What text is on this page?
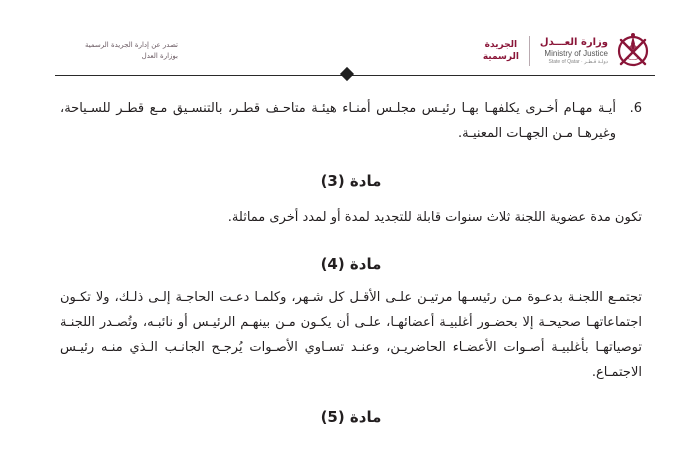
تصدر عن إدارة الجريدة الرسمية
بوزارة العدل
الجريدة
الرسمية
وزارة العـــدل
Ministry of Justice
State of Qatar · دولـة قـطـر
6.
أيـة مهـام أخـرى يكلفهـا بهـا رئيـس مجلـس أمنـاء هيئـة متاحـف قطـر، بالتنسـيق مـع قطـر للسـياحة، وغيرهـا مـن الجهـات المعنيـة.

مادة (3)

تكون مدة عضوية اللجنة ثلاث سنوات قابلة للتجديد لمدة أو لمدد أخرى مماثلة.

مادة (4)

تجتمـع اللجنـة بدعـوة مـن رئيسـها مرتيـن علـى الأقـل كل شـهر، وكلمـا دعـت الحاجـة إلـى ذلـك، ولا تكـون اجتماعاتهـا صحيحـة إلا بحضـور أغلبيـة أعضائهـا، علـى أن يكـون مـن بينهـم الرئيـس أو نائبـه، وتُصـدر اللجنـة توصياتهـا بأغلبيـة أصـوات الأعضـاء الحاضريـن، وعنـد تسـاوي الأصـوات يُرجـح الجانـب الـذي منـه رئيـس الاجتمـاع.

مادة (5)
